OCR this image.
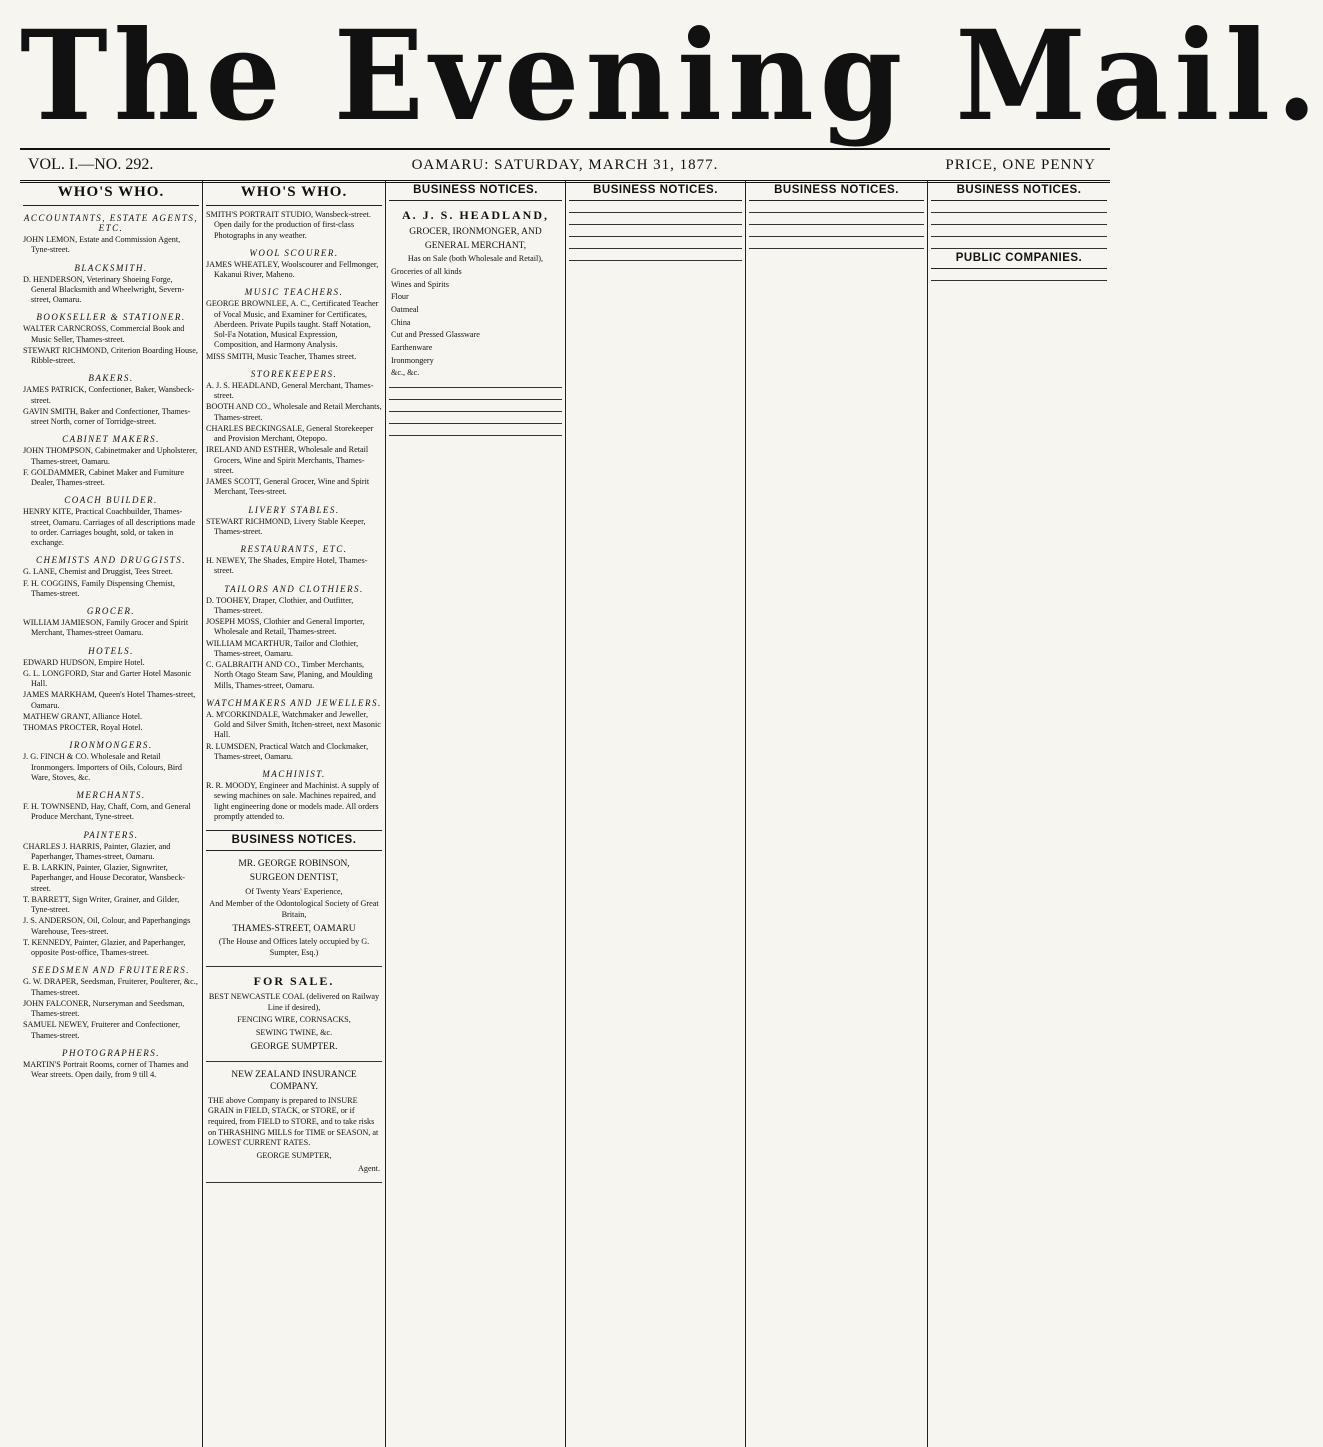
The Evening Mail.
VOL. I.—NO. 292.	OAMARU: SATURDAY, MARCH 31, 1877.	PRICE, ONE PENNY
WHO'S WHO.
ACCOUNTANTS, ESTATE AGENTS, ETC.
JOHN LEMON, Estate and Commission Agent, Tyne-street.
BLACKSMITH.
D. HENDERSON, Veterinary Shoeing Forge, General Blacksmith and Wheelwright, Severn-street, Oamaru.
BOOKSELLER & STATIONER.
WALTER CARNCROSS, Commercial Book and Music Seller, Thames-street.
STEWART RICHMOND, Criterion Boarding House, Ribble-street.
BAKERS.
JAMES PATRICK, Confectioner, Baker, Wansbeck-street.
GAVIN SMITH, Baker and Confectioner, Thames-street North, corner of Torridge-street.
CABINET MAKERS.
JOHN THOMPSON, Cabinetmaker and Upholsterer, Thames-street, Oamaru.
F. GOLDAMMER, Cabinet Maker and Furniture Dealer, Thames-street.
COACH BUILDER.
HENRY KITE, Practical Coachbuilder, Thames-street, Oamaru. Carriages of all descriptions made to order. Carriages bought, sold, or taken in exchange.
CHEMISTS AND DRUGGISTS.
G. LANE, Chemist and Druggist, Tees Street.
F. H. COGGINS, Family Dispensing Chemist, Thames-street.
GROCER.
WILLIAM JAMIESON, Family Grocer and Spirit Merchant, Thames-street Oamaru.
HOTELS.
EDWARD HUDSON, Empire Hotel.
G. L. LONGFORD, Star and Garter Hotel Masonic Hall.
JAMES MARKHAM, Queen's Hotel Thames-street, Oamaru.
MATHEW GRANT, Alliance Hotel.
THOMAS PROCTER, Royal Hotel.
IRONMONGERS.
J. G. FINCH & CO. Wholesale and Retail Ironmongers. Importers of Oils, Colours, Bird Ware, Stoves, &c.
MERCHANTS.
F. H. TOWNSEND, Hay, Chaff, Corn, and General Produce Merchant, Tyne-street.
PAINTERS.
CHARLES J. HARRIS, Painter, Glazier, and Paperhanger, Thames-street, Oamaru.
E. B. LARKIN, Painter, Glazier, Signwriter, Paperhanger, and House Decorator, Wansbeck-street.
T. BARRETT, Sign Writer, Grainer, and Gilder, Tyne-street.
J. S. ANDERSON, Oil, Colour, and Paperhangings Warehouse, Tees-street.
T. KENNEDY, Painter, Glazier, and Paperhanger, opposite Post-office, Thames-street.
SEEDSMEN AND FRUITERERS.
G. W. DRAPER, Seedsman, Fruiterer, Poulterer, &c., Thames-street.
JOHN FALCONER, Nurseryman and Seedsman, Thames-street.
SAMUEL NEWEY, Fruiterer and Confectioner, Thames-street.
PHOTOGRAPHERS.
MARTIN'S Portrait Rooms, corner of Thames and Wear streets. Open daily, from 9 till 4.
WHO'S WHO.
SMITH'S PORTRAIT STUDIO, Wansbeck-street. Open daily for the production of first-class Photographs in any weather.
WOOL SCOURER.
JAMES WHEATLEY, Woolscourer and Fellmonger, Kakanui River, Maheno.
MUSIC TEACHERS.
GEORGE BROWNLEE, A. C., Certificated Teacher of Vocal Music, and Examiner for Certificates, Aberdeen. Private Pupils taught. Staff Notation, Sol-Fa Notation, Musical Expression, Composition, and Harmony Analysis.
MISS SMITH, Music Teacher, Thames street.
STOREKEEPERS.
A. J. S. HEADLAND, General Merchant, Thames-street.
BOOTH AND CO., Wholesale and Retail Merchants, Thames-street.
CHARLES BECKINGSALE, General Storekeeper and Provision Merchant, Otepopo.
IRELAND AND ESTHER, Wholesale and Retail Grocers, Wine and Spirit Merchants, Thames-street.
JAMES SCOTT, General Grocer, Wine and Spirit Merchant, Tees-street.
LIVERY STABLES.
STEWART RICHMOND, Livery Stable Keeper, Thames-street.
RESTAURANTS, ETC.
H. NEWEY, The Shades, Empire Hotel, Thames-street.
TAILORS AND CLOTHIERS.
D. TOOHEY, Draper, Clothier, and Outfitter, Thames-street.
JOSEPH MOSS, Clothier and General Importer, Wholesale and Retail, Thames-street.
WILLIAM MCARTHUR, Tailor and Clothier, Thames-street, Oamaru.
C. GALBRAITH AND CO., Timber Merchants, North Otago Steam Saw, Planing, and Moulding Mills, Thames-street, Oamaru.
WATCHMAKERS AND JEWELLERS.
A. M'CORKINDALE, Watchmaker and Jeweller, Gold and Silver Smith, Itchen-street, next Masonic Hall.
R. LUMSDEN, Practical Watch and Clockmaker, Thames-street, Oamaru.
MACHINIST.
R. R. MOODY, Engineer and Machinist. A supply of sewing machines on sale. Machines repaired, and light engineering done or models made. All orders promptly attended to.
BUSINESS NOTICES.

MR. GEORGE ROBINSON,

SURGEON DENTIST,

Of Twenty Years' Experience,

And Member of the Odontological Society of Great Britain,

THAMES-STREET, OAMARU

(The House and Offices lately occupied by G. Sumpter, Esq.)

FOR SALE.

BEST NEWCASTLE COAL (delivered on Railway Line if desired),

FENCING WIRE, CORNSACKS,

SEWING TWINE, &c.

GEORGE SUMPTER.

NEW ZEALAND INSURANCE COMPANY.

THE above Company is prepared to INSURE GRAIN in FIELD, STACK, or STORE, or if required, from FIELD to STORE, and to take risks on THRASHING MILLS for TIME or SEASON, at LOWEST CURRENT RATES.

GEORGE SUMPTER,

Agent.

BUSINESS NOTICES.

A. J. S. HEADLAND,

GROCER, IRONMONGER, AND

GENERAL MERCHANT,

Has on Sale (both Wholesale and Retail),

Groceries of all kinds

Wines and Spirits

Flour

Oatmeal

China

Cut and Pressed Glassware

Earthenware

Ironmongery

&c., &c.

BUSINESS NOTICES.	BUSINESS NOTICES.	BUSINESS NOTICES.
PUBLIC COMPANIES.
